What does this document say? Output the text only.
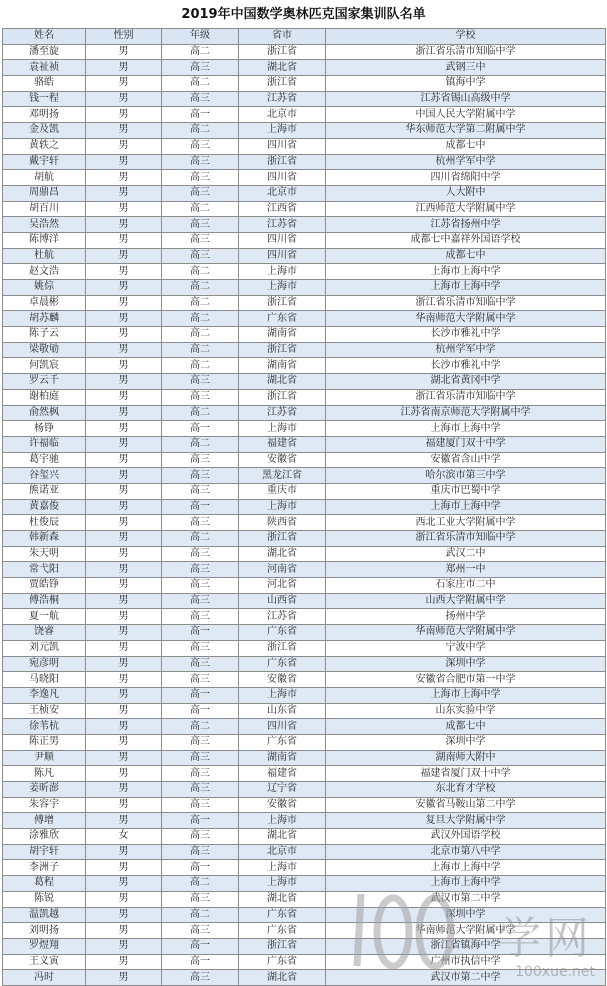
2019年中国数学奥林匹克国家集训队名单
姓名	性别	年级	省市	学校
潘至旋	男	高二	浙江省	浙江省乐清市知临中学
袁祉祯	男	高三	湖北省	武钢三中
骆皓	男	高二	浙江省	镇海中学
钱一程	男	高三	江苏省	江苏省锡山高级中学
邓明扬	男	高一	北京市	中国人民大学附属中学
金及凯	男	高二	上海市	华东师范大学第二附属中学
黄轶之	男	高三	四川省	成都七中
戴宇轩	男	高三	浙江省	杭州学军中学
胡航	男	高三	四川省	四川省绵阳中学
周鼎昌	男	高三	北京市	人大附中
胡百川	男	高二	江西省	江西师范大学附属中学
吴浩然	男	高三	江苏省	江苏省扬州中学
陈博洋	男	高三	四川省	成都七中嘉祥外国语学校
杜航	男	高三	四川省	成都七中
赵文浩	男	高二	上海市	上海市上海中学
姚倧	男	高二	上海市	上海市上海中学
卓晨彬	男	高二	浙江省	浙江省乐清市知临中学
胡苏麟	男	高二	广东省	华南师范大学附属中学
陈子云	男	高二	湖南省	长沙市雅礼中学
梁敬劬	男	高二	浙江省	杭州学军中学
何凯宸	男	高二	湖南省	长沙市雅礼中学
罗云千	男	高三	湖北省	湖北省黄冈中学
谢柏庭	男	高三	浙江省	浙江省乐清市知临中学
俞然枫	男	高二	江苏省	江苏省南京师范大学附属中学
杨铮	男	高一	上海市	上海市上海中学
许福临	男	高二	福建省	福建厦门双十中学
葛宇驰	男	高三	安徽省	安徽省含山中学
谷玺兴	男	高三	黑龙江省	哈尔滨市第三中学
熊诺亚	男	高三	重庆市	重庆市巴蜀中学
黄嘉俊	男	高一	上海市	上海市上海中学
杜俊辰	男	高三	陕西省	西北工业大学附属中学
韩新森	男	高二	浙江省	浙江省乐清市知临中学
朱天明	男	高三	湖北省	武汉二中
常弋阳	男	高三	河南省	郑州一中
贾皓铮	男	高三	河北省	石家庄市二中
傅浩桐	男	高三	山西省	山西大学附属中学
夏一航	男	高三	江苏省	扬州中学
饶睿	男	高一	广东省	华南师范大学附属中学
刘元凯	男	高三	浙江省	宁波中学
宛彦明	男	高三	广东省	深圳中学
马晓阳	男	高三	安徽省	安徽省合肥市第一中学
李逸凡	男	高一	上海市	上海市上海中学
王桢安	男	高一	山东省	山东实验中学
徐苇杭	男	高二	四川省	成都七中
陈正男	男	高三	广东省	深圳中学
尹顺	男	高三	湖南省	湖南师大附中
陈凡	男	高三	福建省	福建省厦门双十中学
姜昕澎	男	高三	辽宁省	东北育才学校
朱容宇	男	高三	安徽省	安徽省马鞍山第二中学
傅增	男	高一	上海市	复旦大学附属中学
涂雅欣	女	高三	湖北省	武汉外国语学校
胡宇轩	男	高三	北京市	北京市第八中学
李洲子	男	高一	上海市	上海市上海中学
葛程	男	高二	上海市	上海市上海中学
陈锐	男	高三	湖北省	武汉市第二中学
温凯越	男	高二	广东省	深圳中学
刘明扬	男	高三	广东省	华南师范大学附属中学
罗煜翔	男	高一	浙江省	浙江省镇海中学
王义寅	男	高一	广东省	广州市执信中学
冯时	男	高三	湖北省	武汉市第二中学
学网
100xue.net
